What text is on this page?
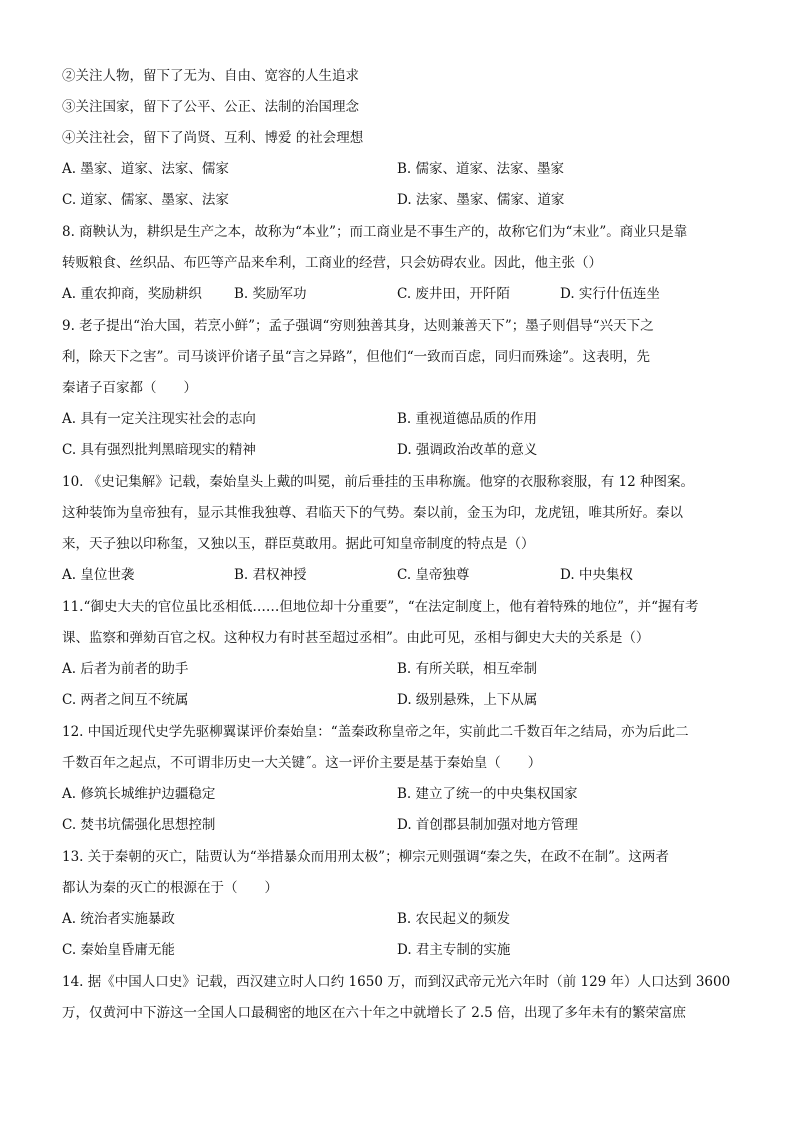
②关注人物，留下了无为、自由、宽容的人生追求
③关注国家，留下了公平、公正、法制的治国理念
④关注社会，留下了尚贤、互利、博爱 的社会理想
A. 墨家、道家、法家、儒家	B. 儒家、道家、法家、墨家
C. 道家、儒家、墨家、法家	D. 法家、墨家、儒家、道家
8. 商鞅认为，耕织是生产之本，故称为“本业”；而工商业是不事生产的，故称它们为“末业”。商业只是靠
转贩粮食、丝织品、布匹等产品来牟利，工商业的经营，只会妨碍农业。因此，他主张（）
A. 重农抑商，奖励耕织 B. 奖励军功	C. 废井田，开阡陌	D. 实行什伍连坐
9. 老子提出“治大国，若烹小鲜”；孟子强调“穷则独善其身，达则兼善天下”；墨子则倡导“兴天下之
利，除天下之害”。司马谈评价诸子虽“言之异路”，但他们“一致而百虑，同归而殊途”。这表明，先
秦诸子百家都（　　）
A. 具有一定关注现实社会的志向	B. 重视道德品质的作用
C. 具有强烈批判黑暗现实的精神	D. 强调政治改革的意义
10. 《史记集解》记载，秦始皇头上戴的叫冕，前后垂挂的玉串称旒。他穿的衣服称衮服，有 12 种图案。
这种装饰为皇帝独有，显示其惟我独尊、君临天下的气势。秦以前，金玉为印，龙虎钮，唯其所好。秦以
来，天子独以印称玺，又独以玉，群臣莫敢用。据此可知皇帝制度的特点是（）
A. 皇位世袭	B. 君权神授	C. 皇帝独尊	D. 中央集权
11.“御史大夫的官位虽比丞相低……但地位却十分重要”，“在法定制度上，他有着特殊的地位”，并“握有考
课、监察和弹劾百官之权。这种权力有时甚至超过丞相”。由此可见，丞相与御史大夫的关系是（）
A. 后者为前者的助手	B. 有所关联，相互牵制
C. 两者之间互不统属	D. 级别悬殊，上下从属
12. 中国近现代史学先驱柳翼谋评价秦始皇：“盖秦政称皇帝之年，实前此二千数百年之结局，亦为后此二
千数百年之起点，不可谓非历史一大关键˝。这一评价主要是基于秦始皇（　　）
A. 修筑长城维护边疆稳定	B. 建立了统一的中央集权国家
C. 焚书坑儒强化思想控制	D. 首创郡县制加强对地方管理
13. 关于秦朝的灭亡，陆贾认为“举措暴众而用刑太极”；柳宗元则强调“秦之失，在政不在制”。这两者
都认为秦的灭亡的根源在于（　　）
A. 统治者实施暴政	B. 农民起义的频发
C. 秦始皇昏庸无能	D. 君主专制的实施
14. 据《中国人口史》记载，西汉建立时人口约 1650 万，而到汉武帝元光六年时（前 129 年）人口达到 3600
万，仅黄河中下游这一全国人口最稠密的地区在六十年之中就增长了 2.5 倍，出现了多年未有的繁荣富庶
